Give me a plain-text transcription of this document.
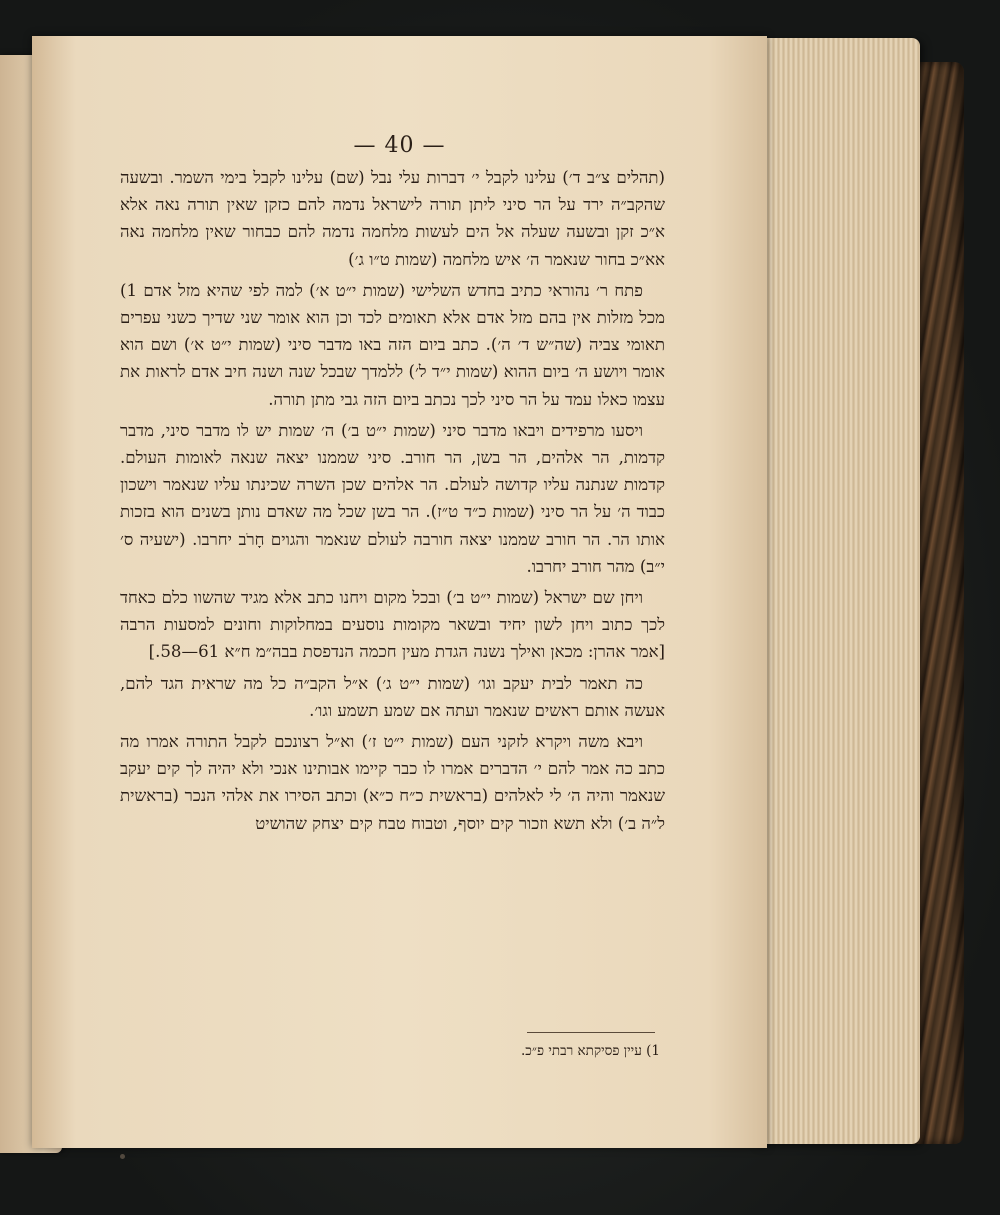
— 40 —

(תהלים צ״ב ד׳) עלינו לקבל י׳ דברות עלי נבל (שם) עלינו לקבל בימי השמר. ובשעה שהקב״ה ירד על הר סיני ליתן תורה לישראל נדמה להם כזקן שאין תורה נאה אלא א״כ זקן ובשעה שעלה אל הים לעשות מלחמה נדמה להם כבחור שאין מלחמה נאה אא״כ בחור שנאמר ה׳ איש מלחמה (שמות ט״ו ג׳)

פתח ר׳ נהוראי כתיב בחדש השלישי (שמות י״ט א׳) למה לפי שהיא מזל אדם 1) מכל מזלות אין בהם מזל אדם אלא תאומים לכד וכן הוא אומר שני שדיך כשני עפרים תאומי צביה (שה״ש ד׳ ה׳). כתב ביום הזה באו מדבר סיני (שמות י״ט א׳) ושם הוא אומר ויושע ה׳ ביום ההוא (שמות י״ד ל׳) ללמדך שבכל שנה ושנה חיב אדם לראות את עצמו כאלו עמד על הר סיני לכך נכתב ביום הזה גבי מתן תורה.

ויסעו מרפידים ויבאו מדבר סיני (שמות י״ט ב׳) ה׳ שמות יש לו מדבר סיני, מדבר קדמות, הר אלהים, הר בשן, הר חורב. סיני שממנו יצאה שנאה לאומות העולם. קדמות שנתנה עליו קדושה לעולם. הר אלהים שכן השרה שכינתו עליו שנאמר וישכון כבוד ה׳ על הר סיני (שמות כ״ד ט״ז). הר בשן שכל מה שאדם נותן בשנים הוא בזכות אותו הר. הר חורב שממנו יצאה חורבה לעולם שנאמר והגוים חָרֹב יחרבו. (ישעיה ס׳ י״ב) מהר חורב יחרבו.

ויחן שם ישראל (שמות י״ט ב׳) ובכל מקום ויחנו כתב אלא מגיד שהשוו כלם כאחד לכך כתוב ויחן לשון יחיד ובשאר מקומות נוסעים במחלוקות וחונים למסעות הרבה [אמר אהרן: מכאן ואילך נשנה הגדת מעין חכמה הנדפסת בבה״מ ח״א 61—58.]

כה תאמר לבית יעקב וגו׳ (שמות י״ט ג׳) א״ל הקב״ה כל מה שראית הגד להם, אעשה אותם ראשים שנאמר ועתה אם שמע תשמע וגו׳.

ויבא משה ויקרא לזקני העם (שמות י״ט ז׳) וא״ל רצונכם לקבל התורה אמרו מה כתב כה אמר להם י׳ הדברים אמרו לו כבר קיימו אבותינו אנכי ולא יהיה לך קים יעקב שנאמר והיה ה׳ לי לאלהים (בראשית כ״ח כ״א) וכתב הסירו את אלהי הנכר (בראשית ל״ה ב׳) ולא תשא וזכור קים יוסף, וטבוח טבח קים יצחק שהושיט

1) עיין פסיקתא רבתי פ״כ.
